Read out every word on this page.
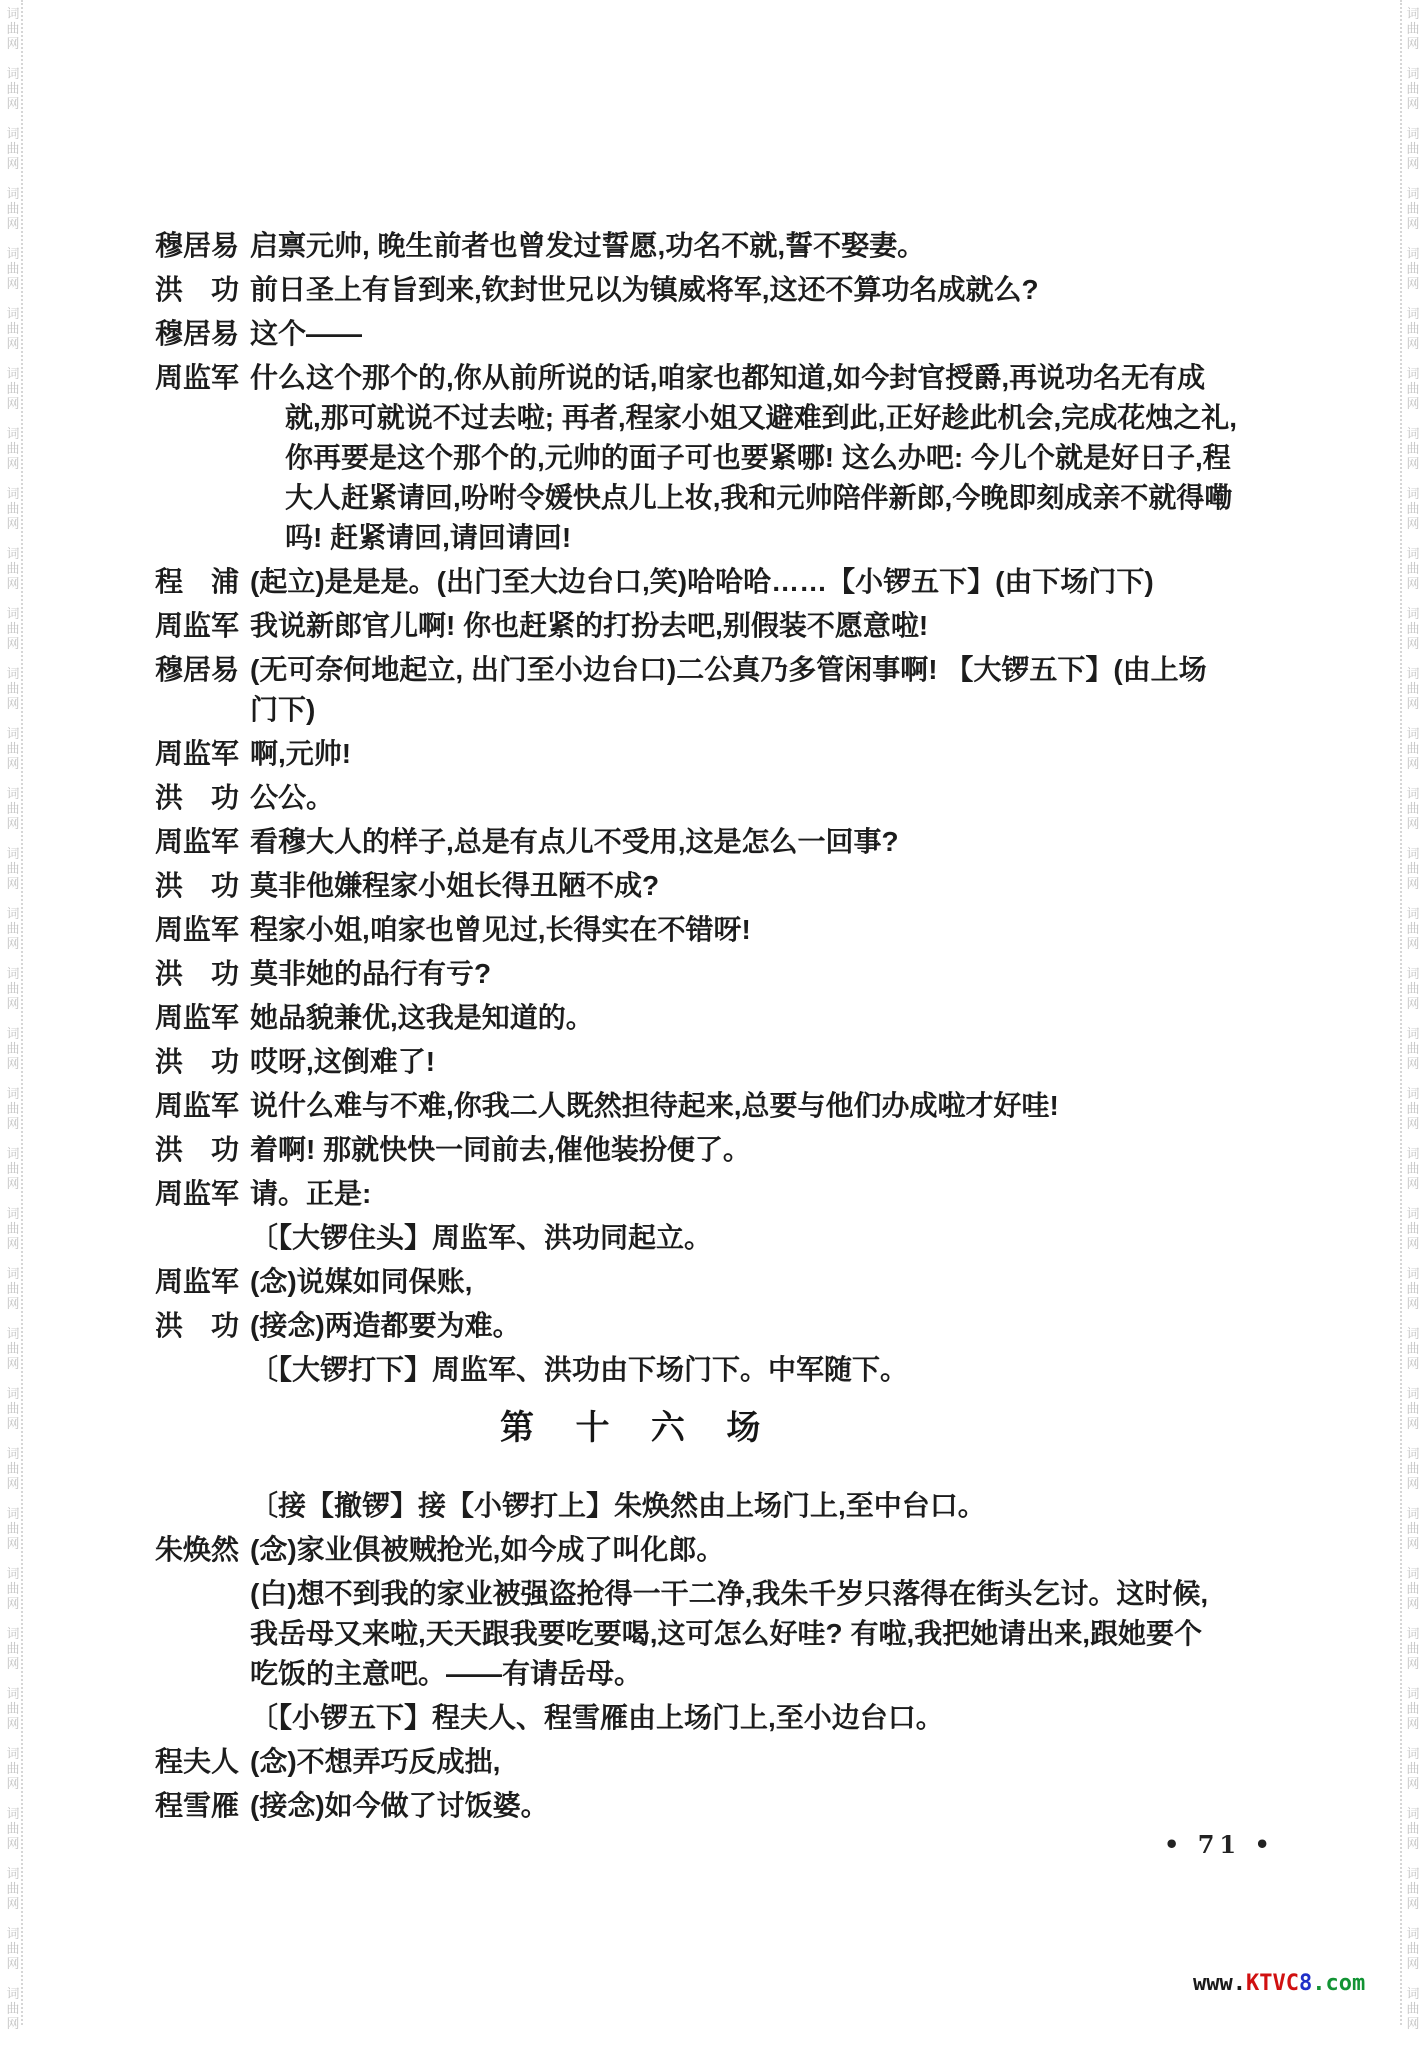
词
曲
网
词
曲
网
词
曲
网
词
曲
网
词
曲
网
词
曲
网
词
曲
网
词
曲
网
词
曲
网
词
曲
网
词
曲
网
词
曲
网
词
曲
网
词
曲
网
词
曲
网
词
曲
网
词
曲
网
词
曲
网
词
曲
网
词
曲
网
词
曲
网
词
曲
网
词
曲
网
词
曲
网
词
曲
网
词
曲
网
词
曲
网
词
曲
网
词
曲
网
词
曲
网
词
曲
网
词
曲
网
词
曲
网
词
曲
网
词
曲
网
词
曲
网
词
曲
网
词
曲
网
词
曲
网
词
曲
网
词
曲
网
词
曲
网
词
曲
网
词
曲
网
词
曲
网
词
曲
网
词
曲
网
词
曲
网
词
曲
网
词
曲
网
词
曲
网
词
曲
网
词
曲
网
词
曲
网
词
曲
网
词
曲
网
词
曲
网
词
曲
网
词
曲
网
词
曲
网
词
曲
网
词
曲
网
词
曲
网
词
曲
网
词
曲
网
词
曲
网
词
曲
网
词
曲
网
穆居易 启禀元帅, 晚生前者也曾发过誓愿,功名不就,誓不娶妻。
洪　功 前日圣上有旨到来,钦封世兄以为镇威将军,这还不算功名成就么?
穆居易 这个——
周监军 什么这个那个的,你从前所说的话,咱家也都知道,如今封官授爵,再说功名无有成
就,那可就说不过去啦; 再者,程家小姐又避难到此,正好趁此机会,完成花烛之礼,
你再要是这个那个的,元帅的面子可也要紧哪! 这么办吧: 今儿个就是好日子,程
大人赶紧请回,吩咐令媛快点儿上妆,我和元帅陪伴新郎,今晚即刻成亲不就得嘞
吗! 赶紧请回,请回请回!
程　浦 (起立)是是是。(出门至大边台口,笑)哈哈哈……【小锣五下】(由下场门下)
周监军 我说新郎官儿啊! 你也赶紧的打扮去吧,别假装不愿意啦!
穆居易 (无可奈何地起立, 出门至小边台口)二公真乃多管闲事啊! 【大锣五下】(由上场
门下)
周监军 啊,元帅!
洪　功 公公。
周监军 看穆大人的样子,总是有点儿不受用,这是怎么一回事?
洪　功 莫非他嫌程家小姐长得丑陋不成?
周监军 程家小姐,咱家也曾见过,长得实在不错呀!
洪　功 莫非她的品行有亏?
周监军 她品貌兼优,这我是知道的。
洪　功 哎呀,这倒难了!
周监军 说什么难与不难,你我二人既然担待起来,总要与他们办成啦才好哇!
洪　功 着啊! 那就快快一同前去,催他装扮便了。
周监军 请。正是:
〔【大锣住头】周监军、洪功同起立。
周监军 (念)说媒如同保账,
洪　功 (接念)两造都要为难。
〔【大锣打下】周监军、洪功由下场门下。中军随下。
第 十 六 场
〔接【撤锣】接【小锣打上】朱焕然由上场门上,至中台口。
朱焕然 (念)家业俱被贼抢光,如今成了叫化郎。
(白)想不到我的家业被强盗抢得一干二净,我朱千岁只落得在街头乞讨。这时候,
我岳母又来啦,天天跟我要吃要喝,这可怎么好哇? 有啦,我把她请出来,跟她要个
吃饭的主意吧。——有请岳母。
〔【小锣五下】程夫人、程雪雁由上场门上,至小边台口。
程夫人 (念)不想弄巧反成拙,
程雪雁 (接念)如今做了讨饭婆。
• 71 •
www.KTVC8.com
